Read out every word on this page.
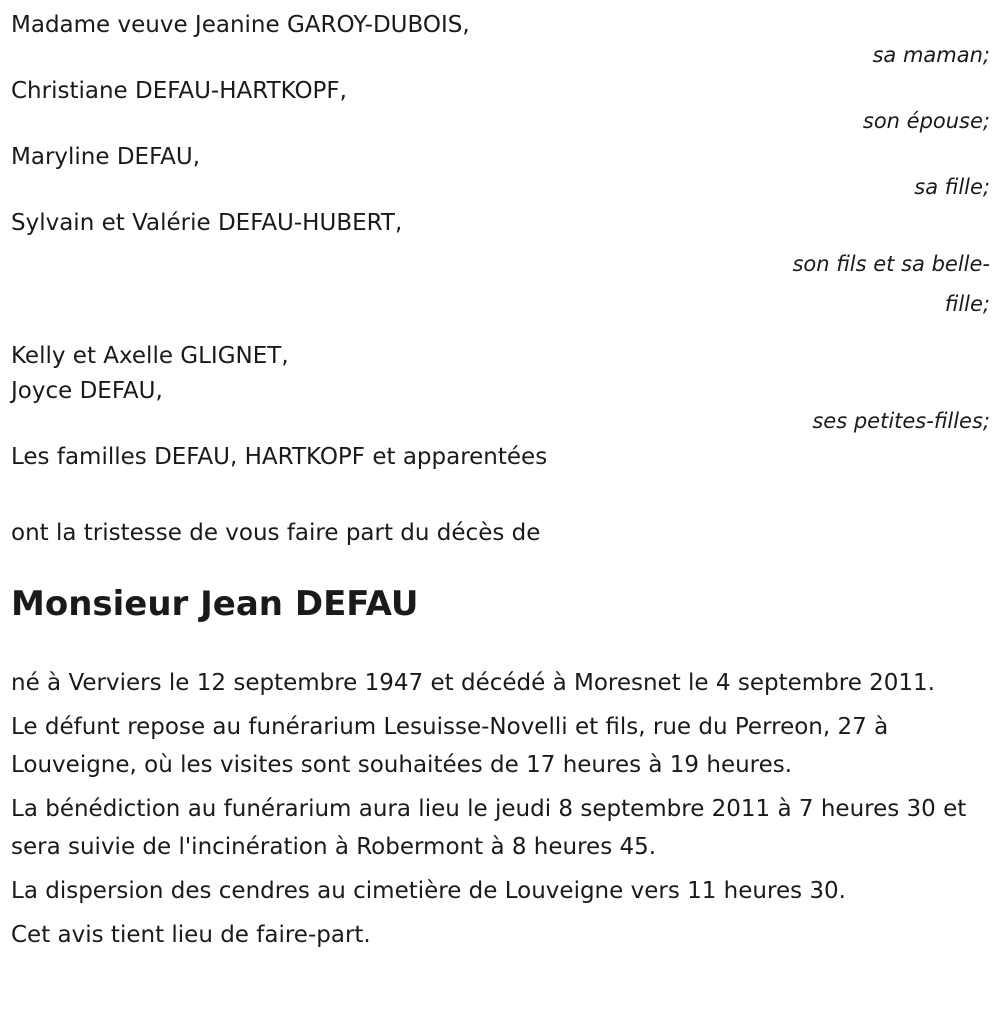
Madame veuve Jeanine GAROY-DUBOIS,
sa maman;
Christiane DEFAU-HARTKOPF,
son épouse;
Maryline DEFAU,
sa fille;
Sylvain et Valérie DEFAU-HUBERT,
son fils et sa belle-fille;
Kelly et Axelle GLIGNET,
Joyce DEFAU,
ses petites-filles;
Les familles DEFAU, HARTKOPF et apparentées
ont la tristesse de vous faire part du décès de
Monsieur Jean DEFAU

né à Verviers le 12 septembre 1947 et décédé à Moresnet le 4 septembre 2011.

Le défunt repose au funérarium Lesuisse-Novelli et fils, rue du Perreon, 27 à Louveigne, où les visites sont souhaitées de 17 heures à 19 heures.

La bénédiction au funérarium aura lieu le jeudi 8 septembre 2011 à 7 heures 30 et sera suivie de l'incinération à Robermont à 8 heures 45.

La dispersion des cendres au cimetière de Louveigne vers 11 heures 30.

Cet avis tient lieu de faire-part.
